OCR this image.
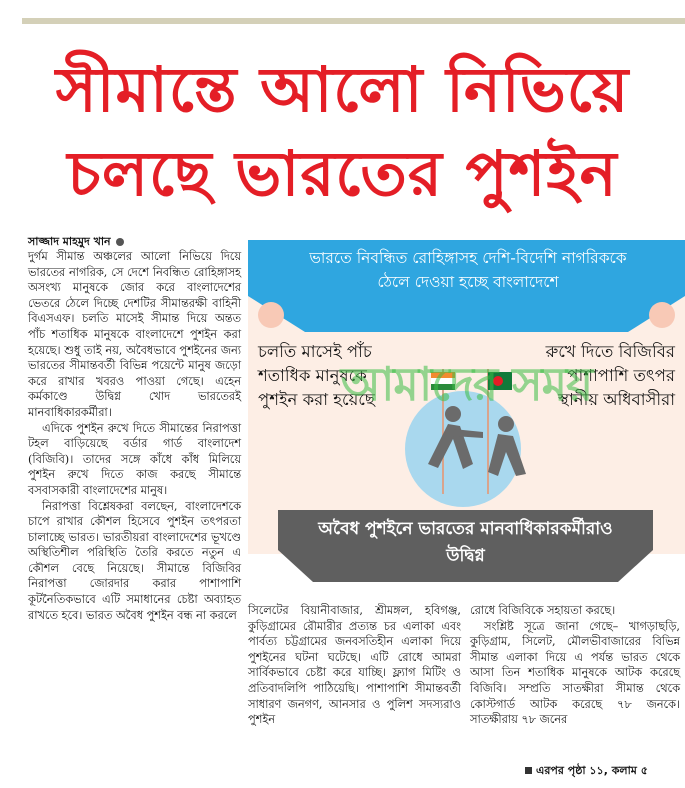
সীমান্তে আলো নিভিয়ে
চলছে ভারতের পুশইন
সাজ্জাদ মাহমুদ খান

দুর্গম সীমান্ত অঞ্চলের আলো নিভিয়ে দিয়ে ভারতের নাগরিক, সে দেশে নিবন্ধিত রোহিঙ্গাসহ অসংখ্য মানুষকে জোর করে বাংলাদেশের ভেতরে ঠেলে দিচ্ছে দেশটির সীমান্তরক্ষী বাহিনী বিএসএফ। চলতি মাসেই সীমান্ত দিয়ে অন্তত পাঁচ শতাধিক মানুষকে বাংলাদেশে পুশইন করা হয়েছে। শুধু তাই নয়, অবৈধভাবে পুশইনের জন্য ভারতের সীমান্তবর্তী বিভিন্ন পয়েন্টে মানুষ জড়ো করে রাখার খবরও পাওয়া গেছে। এহেন কর্মকাণ্ডে উদ্বিগ্ন খোদ ভারতেরই মানবাধিকারকর্মীরা।

এদিকে পুশইন রুখে দিতে সীমান্তের নিরাপত্তা টহল বাড়িয়েছে বর্ডার গার্ড বাংলাদেশ (বিজিবি)। তাদের সঙ্গে কাঁধে কাঁধ মিলিয়ে পুশইন রুখে দিতে কাজ করছে সীমান্তে বসবাসকারী বাংলাদেশের মানুষ।

নিরাপত্তা বিশ্লেষকরা বলছেন, বাংলাদেশকে চাপে রাখার কৌশল হিসেবে পুশইন তৎপরতা চালাচ্ছে ভারত। ভারতীয়রা বাংলাদেশের ভূখণ্ডে অস্থিতিশীল পরিস্থিতি তৈরি করতে নতুন এ কৌশল বেছে নিয়েছে। সীমান্তে বিজিবির নিরাপত্তা জোরদার করার পাশাপাশি কূটনৈতিকভাবে এটি সমাধানের চেষ্টা অব্যাহত রাখতে হবে। ভারত অবৈধ পুশইন বন্ধ না করলে সিলেটের বিয়ানীবাজার, শ্রীমঙ্গল, হবিগঞ্জ, কুড়িগ্রামের রৌমারীর প্রত্যন্ত চর এলাকা এবং পার্বত্য চট্টগ্রামের জনবসতিহীন এলাকা দিয়ে পুশইনের ঘটনা ঘটেছে। এটি রোধে আমরা সার্বিকভাবে চেষ্টা করে যাচ্ছি। ফ্ল্যাগ মিটিং ও প্রতিবাদলিপি পাঠিয়েছি। পাশাপাশি সীমান্তবর্তী সাধারণ জনগণ, আনসার ও পুলিশ সদস্যরাও পুশইন

রোধে বিজিবিকে সহায়তা করছে।

সংশ্লিষ্ট সূত্রে জানা গেছে– খাগড়াছড়ি, কুড়িগ্রাম, সিলেট, মৌলভীবাজারের বিভিন্ন সীমান্ত এলাকা দিয়ে এ পর্যন্ত ভারত থেকে আসা তিন শতাধিক মানুষকে আটক করেছে বিজিবি। সম্প্রতি সাতক্ষীরা সীমান্ত থেকে কোস্টগার্ড আটক করেছে ৭৮ জনকে। সাতক্ষীরায় ৭৮ জনের

এরপর পৃষ্ঠা ১১, কলাম ৫
ভারতে নিবন্ধিত রোহিঙ্গাসহ দেশি-বিদেশি নাগরিককে ঠেলে দেওয়া হচ্ছে বাংলাদেশে
চলতি মাসেই পাঁচ শতাধিক মানুষকে পুশইন করা হয়েছে
রুখে দিতে বিজিবির পাশাপাশি তৎপর স্থানীয় অধিবাসীরা
আমাদের সময়
অবৈধ পুশইনে ভারতের মানবাধিকারকর্মীরাও উদ্বিগ্ন
